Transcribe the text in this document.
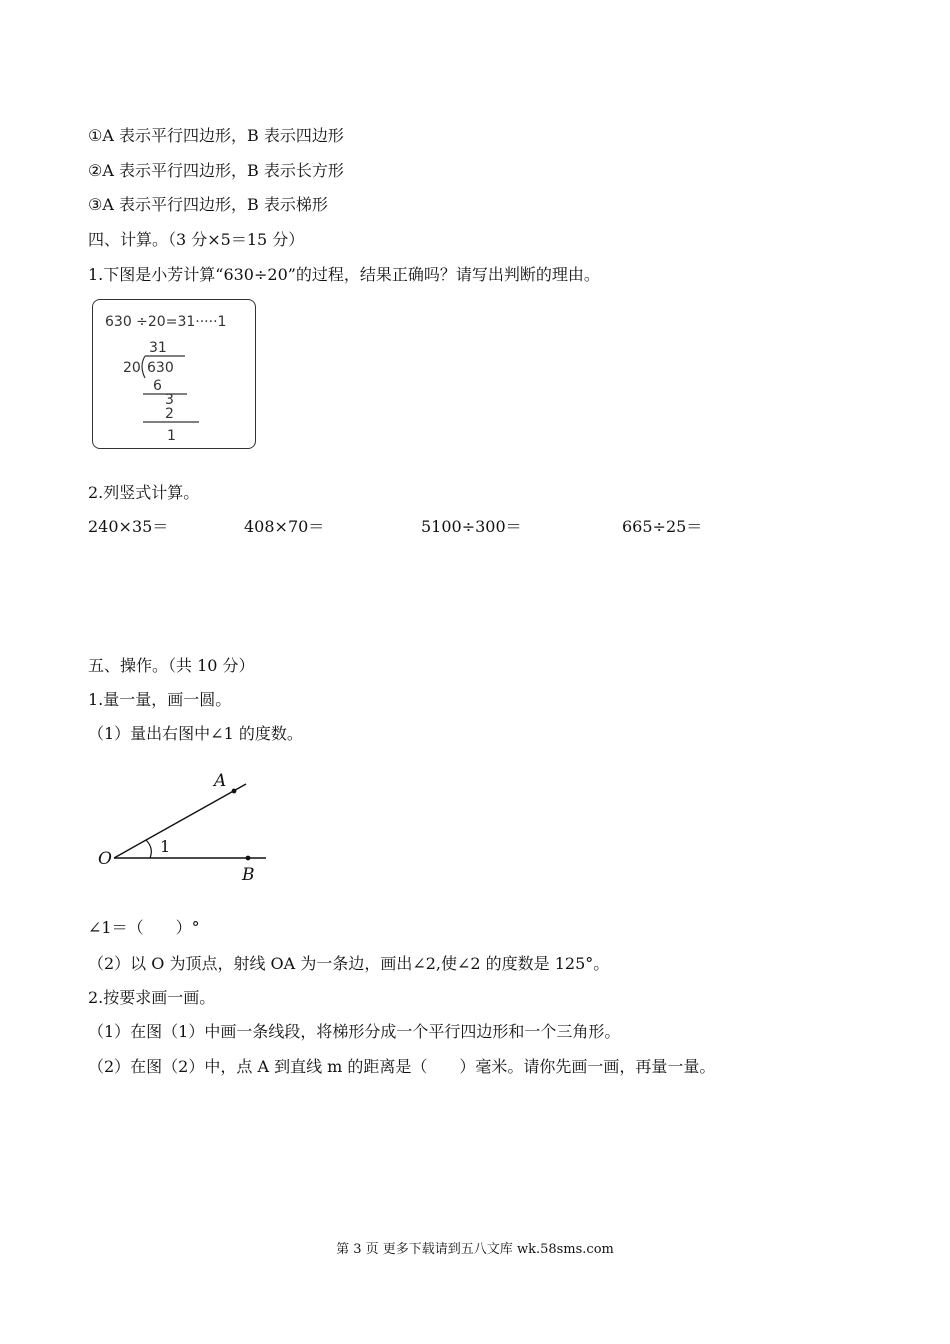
①A 表示平行四边形，B 表示四边形
②A 表示平行四边形，B 表示长方形
③A 表示平行四边形，B 表示梯形
四、计算。（3 分×5＝15 分）
1.下图是小芳计算“630÷20”的过程，结果正确吗？请写出判断的理由。
630 ÷20=31·····1
31
20 630
6
3
2
1
2.列竖式计算。
240×35＝	408×70＝	5100÷300＝	665÷25＝
五、操作。（共 10 分）
1.量一量，画一圆。
（1）量出右图中∠1 的度数。
A
O
B
1
∠1＝（　　）°
（2）以 O 为顶点，射线 OA 为一条边，画出∠2,使∠2 的度数是 125°。
2.按要求画一画。
（1）在图（1）中画一条线段，将梯形分成一个平行四边形和一个三角形。
（2）在图（2）中，点 A 到直线 m 的距离是（　　）毫米。请你先画一画，再量一量。
第 3 页 更多下载请到五八文库 wk.58sms.com
